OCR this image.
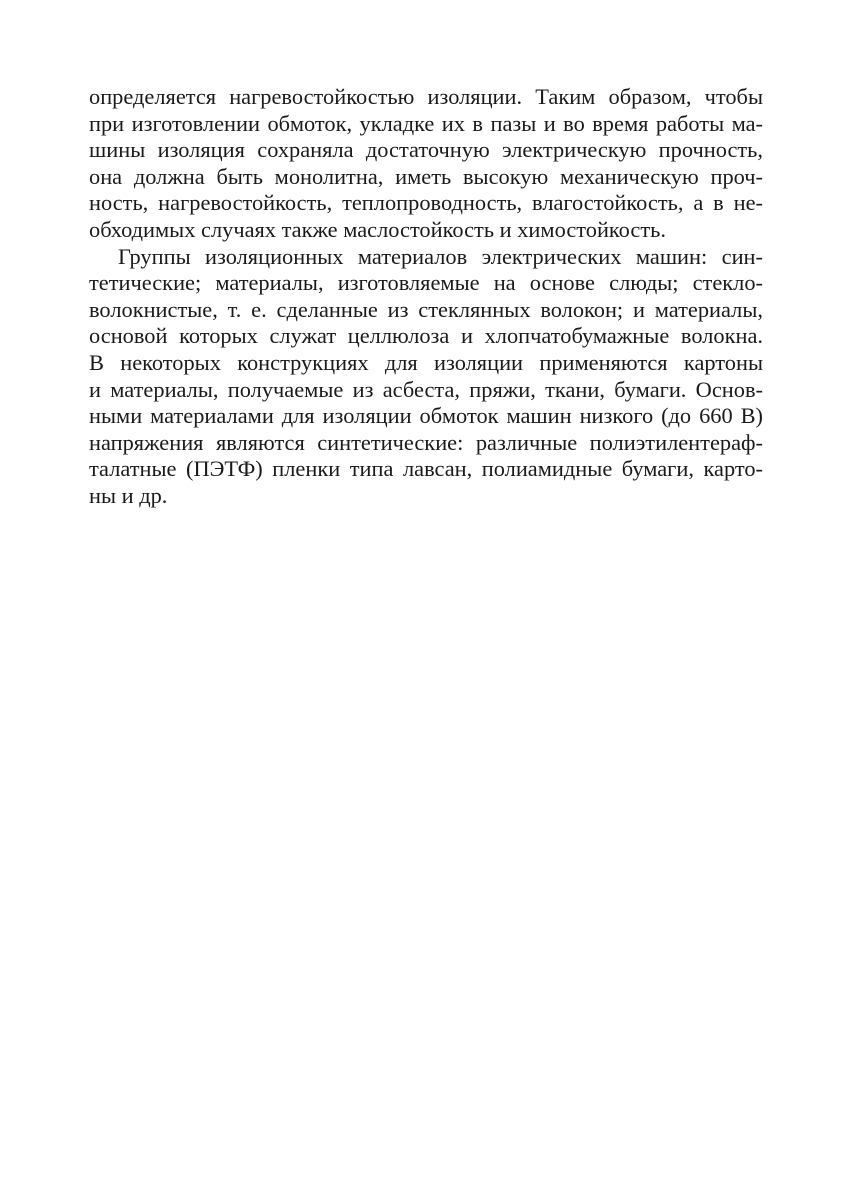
определяется нагревостойкостью изоляции. Таким образом, чтобы
при изготовлении обмоток, укладке их в пазы и во время работы ма-
шины изоляция сохраняла достаточную электрическую прочность,
она должна быть монолитна, иметь высокую механическую проч-
ность, нагревостойкость, теплопроводность, влагостойкость, а в не-
обходимых случаях также маслостойкость и химостойкость.
Группы изоляционных материалов электрических машин: син-
тетические; материалы, изготовляемые на основе слюды; стекло-
волокнистые, т. е. сделанные из стеклянных волокон; и материалы,
основой которых служат целлюлоза и хлопчатобумажные волокна.
В некоторых конструкциях для изоляции применяются картоны
и материалы, получаемые из асбеста, пряжи, ткани, бумаги. Основ-
ными материалами для изоляции обмоток машин низкого (до 660 В)
напряжения являются синтетические: различные полиэтилентераф-
талатные (ПЭТФ) пленки типа лавсан, полиамидные бумаги, карто-
ны и др.
